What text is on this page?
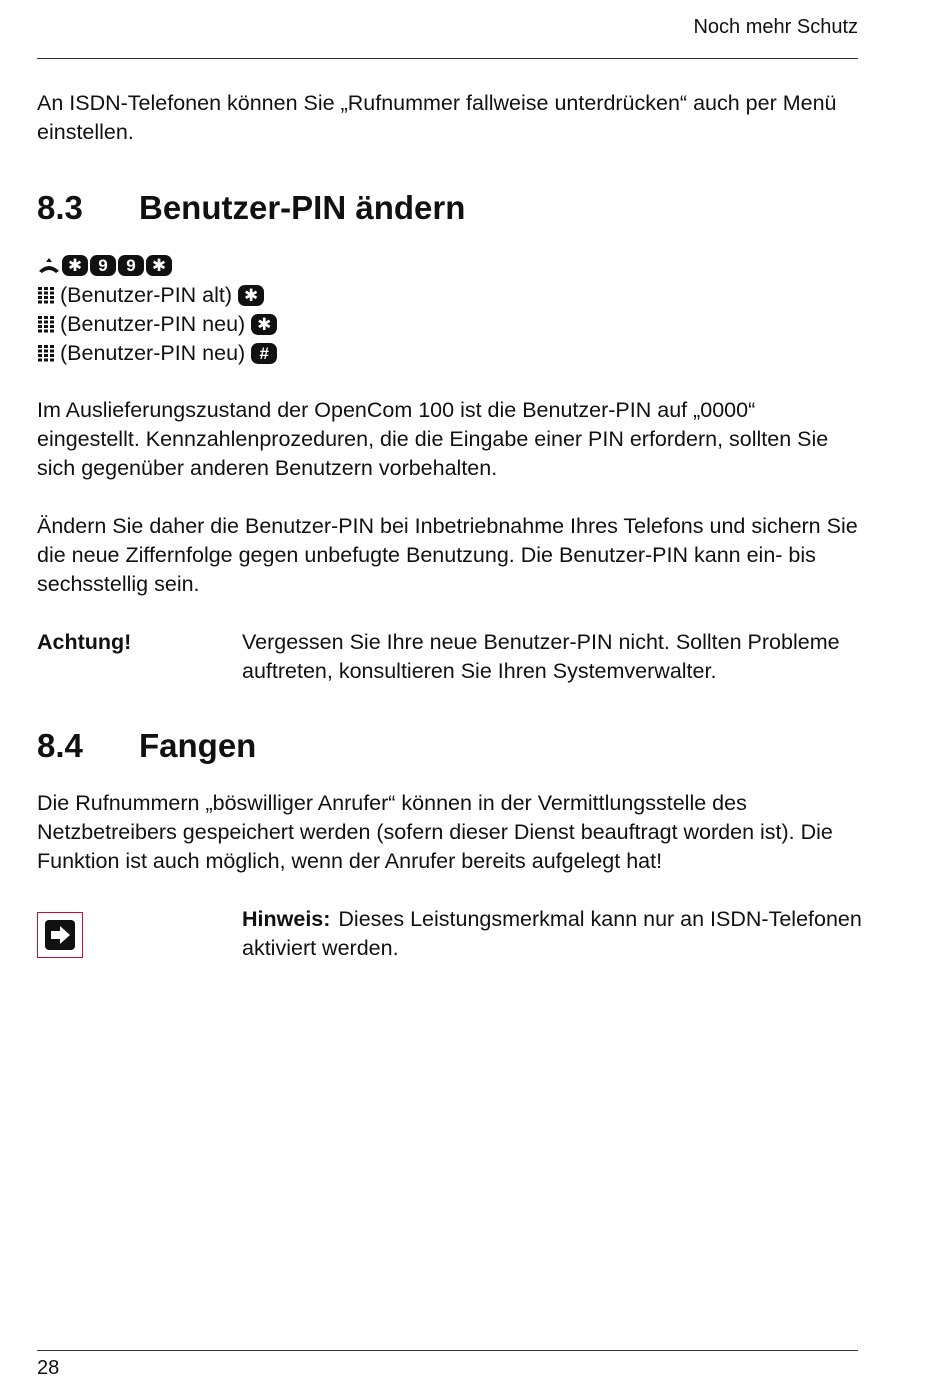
Noch mehr Schutz

An ISDN-Telefonen können Sie „Rufnummer fallweise unterdrücken“ auch per Menü einstellen.

8.3 Benutzer-PIN ändern
✱ 9	9 ✱
(Benutzer-PIN alt) ✱
(Benutzer-PIN neu) ✱
(Benutzer-PIN neu) #

Im Auslieferungszustand der OpenCom 100 ist die Benutzer-PIN auf „0000“ eingestellt. Kennzahlenprozeduren, die die Eingabe einer PIN erfordern, sollten Sie sich gegenüber anderen Benutzern vorbehalten.

Ändern Sie daher die Benutzer-PIN bei Inbetriebnahme Ihres Telefons und sichern Sie die neue Ziffernfolge gegen unbefugte Benutzung. Die Benutzer-PIN kann ein- bis sechsstellig sein.

Achtung!	Vergessen Sie Ihre neue Benutzer-PIN nicht. Sollten Probleme auftreten, konsultieren Sie Ihren Systemverwalter.
8.4 Fangen

Die Rufnummern „böswilliger Anrufer“ können in der Vermittlungsstelle des Netzbetreibers gespeichert werden (sofern dieser Dienst beauftragt worden ist). Die Funktion ist auch möglich, wenn der Anrufer bereits aufgelegt hat!

Hinweis: Dieses Leistungsmerkmal kann nur an ISDN-Telefonen aktiviert werden.
28
